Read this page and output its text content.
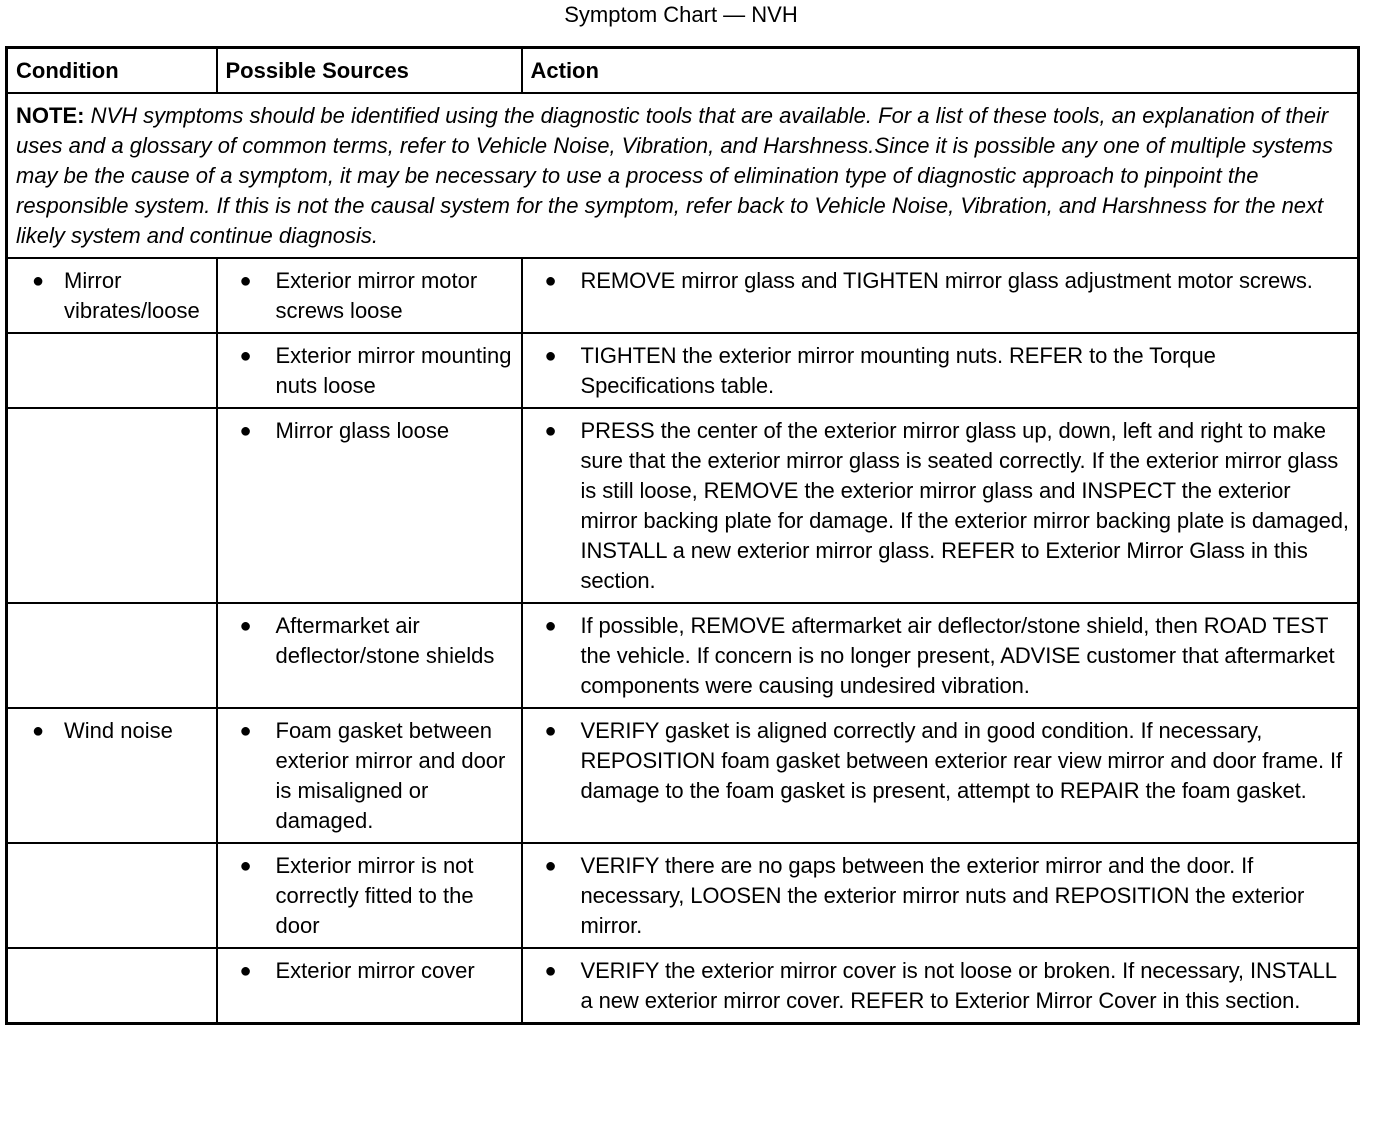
Symptom Chart — NVH
Condition	Possible Sources	Action
NOTE: NVH symptoms should be identified using the diagnostic tools that are available. For a list of these tools, an explanation of their uses and a glossary of common terms, refer to Vehicle Noise, Vibration, and Harshness.Since it is possible any one of multiple systems may be the cause of a symptom, it may be necessary to use a process of elimination type of diagnostic approach to pinpoint the responsible system. If this is not the causal system for the symptom, refer back to Vehicle Noise, Vibration, and Harshness for the next likely system and continue diagnosis.		

● Mirror vibrates/loose	● Exterior mirror motor screws loose	● REMOVE mirror glass and TIGHTEN mirror glass adjustment motor screws.

	● Exterior mirror mounting nuts loose	● TIGHTEN the exterior mirror mounting nuts. REFER to the Torque Specifications table.

	● Mirror glass loose	● PRESS the center of the exterior mirror glass up, down, left and right to make sure that the exterior mirror glass is seated correctly. If the exterior mirror glass is still loose, REMOVE the exterior mirror glass and INSPECT the exterior mirror backing plate for damage. If the exterior mirror backing plate is damaged, INSTALL a new exterior mirror glass. REFER to Exterior Mirror Glass in this section.

	● Aftermarket air deflector/stone shields	● If possible, REMOVE aftermarket air deflector/stone shield, then ROAD TEST the vehicle. If concern is no longer present, ADVISE customer that aftermarket components were causing undesired vibration.

● Wind noise	● Foam gasket between exterior mirror and door is misaligned or damaged.	● VERIFY gasket is aligned correctly and in good condition. If necessary, REPOSITION foam gasket between exterior rear view mirror and door frame. If damage to the foam gasket is present, attempt to REPAIR the foam gasket.

	● Exterior mirror is not correctly fitted to the door	● VERIFY there are no gaps between the exterior mirror and the door. If necessary, LOOSEN the exterior mirror nuts and REPOSITION the exterior mirror.

	● Exterior mirror cover	● VERIFY the exterior mirror cover is not loose or broken. If necessary, INSTALL a new exterior mirror cover. REFER to Exterior Mirror Cover in this section.
